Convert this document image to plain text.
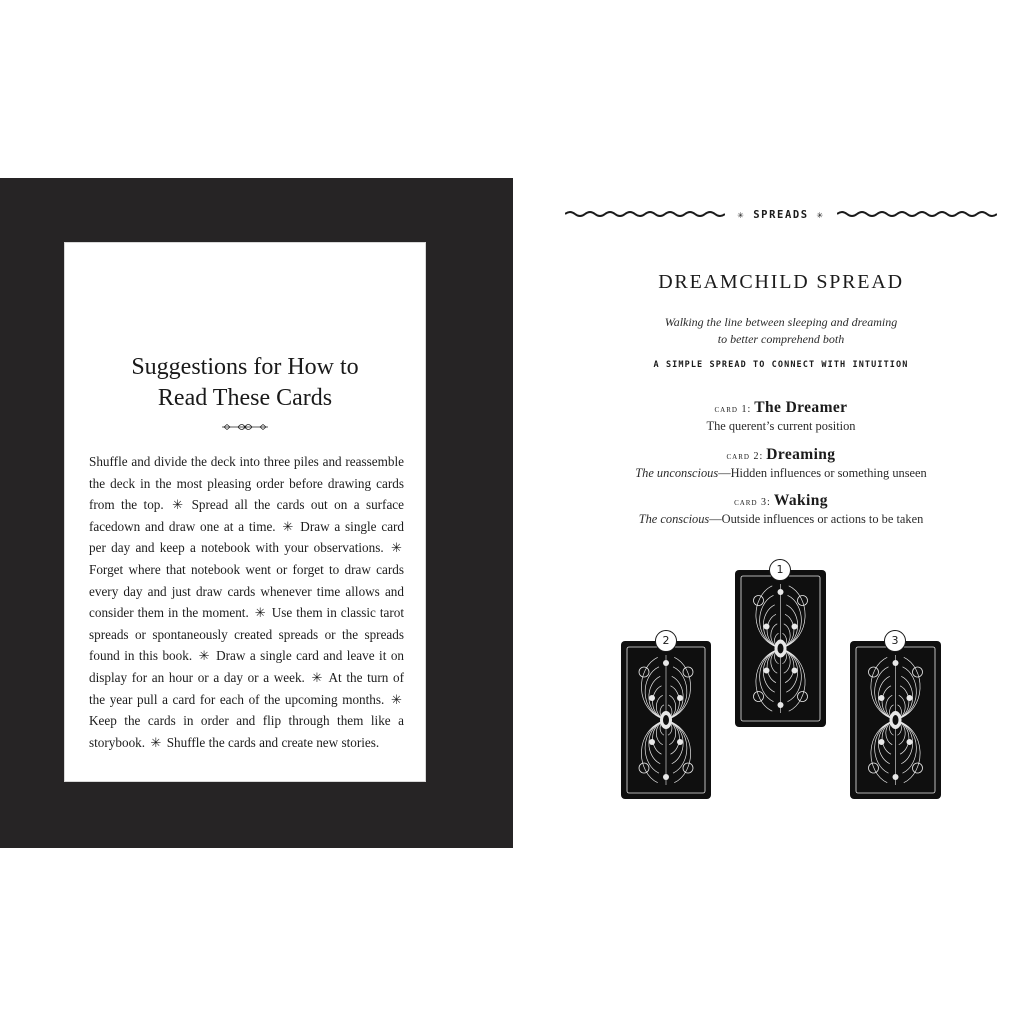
Suggestions for How to
Read These Cards
Shuffle and divide the deck into three piles and reassemble the deck in the most pleasing order before drawing cards from the top. ✳ Spread all the cards out on a surface facedown and draw one at a time. ✳ Draw a single card per day and keep a notebook with your observations. ✳ Forget where that notebook went or forget to draw cards every day and just draw cards whenever time allows and consider them in the moment. ✳ Use them in classic tarot spreads or spontaneously created spreads or the spreads found in this book. ✳ Draw a single card and leave it on display for an hour or a day or a week. ✳ At the turn of the year pull a card for each of the upcoming months. ✳ Keep the cards in order and flip through them like a storybook. ✳ Shuffle the cards and create new stories.
✳ SPREADS ✳
DREAMCHILD SPREAD
Walking the line between sleeping and dreaming
to better comprehend both
A SIMPLE SPREAD TO CONNECT WITH INTUITION
card 1: The Dreamer
The querent’s current position
card 2: Dreaming
The unconscious—Hidden influences or something unseen
card 3: Waking
The conscious—Outside influences or actions to be taken
1
2	3
